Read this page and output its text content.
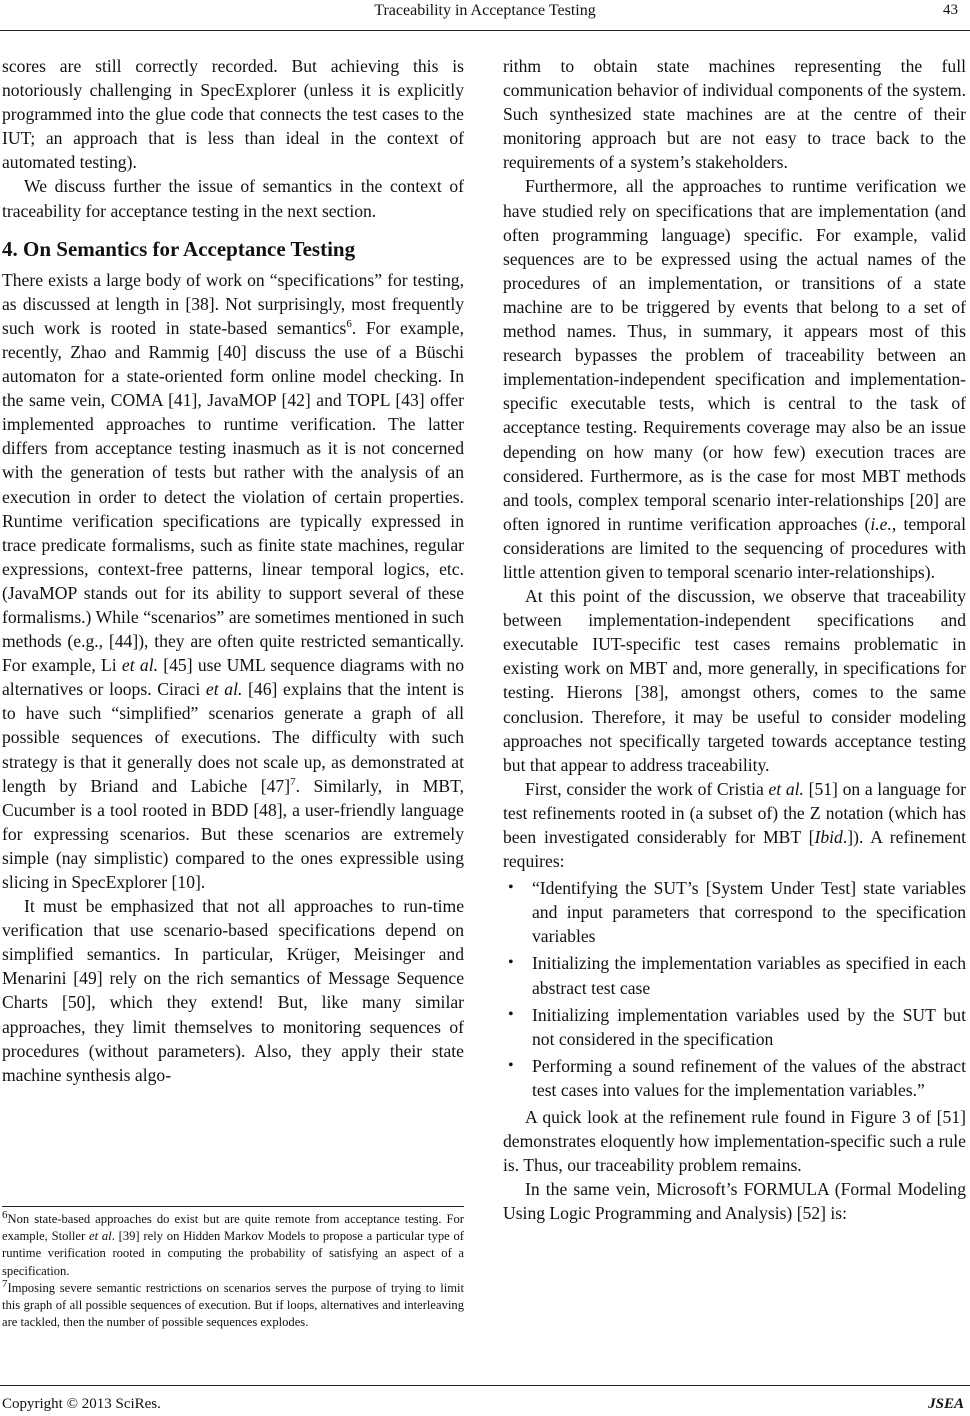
Traceability in Acceptance Testing	43

scores are still correctly recorded. But achieving this is notoriously challenging in SpecExplorer (unless it is explicitly programmed into the glue code that connects the test cases to the IUT; an approach that is less than ideal in the context of automated testing).

We discuss further the issue of semantics in the context of traceability for acceptance testing in the next section.

4. On Semantics for Acceptance Testing

There exists a large body of work on “specifications” for testing, as discussed at length in [38]. Not surprisingly, most frequently such work is rooted in state-based semantics$^6$. For example, recently, Zhao and Rammig [40] discuss the use of a Büschi automaton for a state-oriented form online model checking. In the same vein, COMA [41], JavaMOP [42] and TOPL [43] offer implemented approaches to runtime verification. The latter differs from acceptance testing inasmuch as it is not concerned with the generation of tests but rather with the analysis of an execution in order to detect the violation of certain properties. Runtime verification specifications are typically expressed in trace predicate formalisms, such as finite state machines, regular expressions, context-free patterns, linear temporal logics, etc. (JavaMOP stands out for its ability to support several of these formalisms.) While “scenarios” are sometimes mentioned in such methods (e.g., [44]), they are often quite restricted semantically. For example, Li et al. [45] use UML sequence diagrams with no alternatives or loops. Ciraci et al. [46] explains that the intent is to have such “simplified” scenarios generate a graph of all possible sequences of executions. The difficulty with such strategy is that it generally does not scale up, as demonstrated at length by Briand and Labiche $[47]^7$. Similarly, in MBT, Cucumber is a tool rooted in BDD [48], a user-friendly language for expressing scenarios. But these scenarios are extremely simple (nay simplistic) compared to the ones expressible using slicing in SpecExplorer [10].

It must be emphasized that not all approaches to run-time verification that use scenario-based specifications depend on simplified semantics. In particular, Krüger, Meisinger and Menarini [49] rely on the rich semantics of Message Sequence Charts [50], which they extend! But, like many similar approaches, they limit themselves to monitoring sequences of procedures (without parameters). Also, they apply their state machine synthesis algo-

$^6$Non state-based approaches do exist but are quite remote from acceptance testing. For example, Stoller et al. [39] rely on Hidden Markov Models to propose a particular type of runtime verification rooted in computing the probability of satisfying an aspect of a specification.

$^7$Imposing severe semantic restrictions on scenarios serves the purpose of trying to limit this graph of all possible sequences of execution. But if loops, alternatives and interleaving are tackled, then the number of possible sequences explodes.

rithm to obtain state machines representing the full communication behavior of individual components of the system. Such synthesized state machines are at the centre of their monitoring approach but are not easy to trace back to the requirements of a system’s stakeholders.

Furthermore, all the approaches to runtime verification we have studied rely on specifications that are implementation (and often programming language) specific. For example, valid sequences are to be expressed using the actual names of the procedures of an implementation, or transitions of a state machine are to be triggered by events that belong to a set of method names. Thus, in summary, it appears most of this research bypasses the problem of traceability between an implementation-independent specification and implementation-specific executable tests, which is central to the task of acceptance testing. Requirements coverage may also be an issue depending on how many (or how few) execution traces are considered. Furthermore, as is the case for most MBT methods and tools, complex temporal scenario inter-relationships [20] are often ignored in runtime verification approaches (i.e., temporal considerations are limited to the sequencing of procedures with little attention given to temporal scenario inter-relationships).

At this point of the discussion, we observe that traceability between implementation-independent specifications and executable IUT-specific test cases remains problematic in existing work on MBT and, more generally, in specifications for testing. Hierons [38], amongst others, comes to the same conclusion. Therefore, it may be useful to consider modeling approaches not specifically targeted towards acceptance testing but that appear to address traceability.

First, consider the work of Cristia et al. [51] on a language for test refinements rooted in (a subset of) the Z notation (which has been investigated considerably for MBT [Ibid.]). A refinement requires:

• “Identifying the SUT’s [System Under Test] state variables and input parameters that correspond to the specification variables
• Initializing the implementation variables as specified in each abstract test case
• Initializing implementation variables used by the SUT but not considered in the specification
• Performing a sound refinement of the values of the abstract test cases into values for the implementation variables.”

A quick look at the refinement rule found in Figure 3 of [51] demonstrates eloquently how implementation-specific such a rule is. Thus, our traceability problem remains.

In the same vein, Microsoft’s FORMULA (Formal Modeling Using Logic Programming and Analysis) [52] is:

Copyright © 2013 SciRes.	JSEA
